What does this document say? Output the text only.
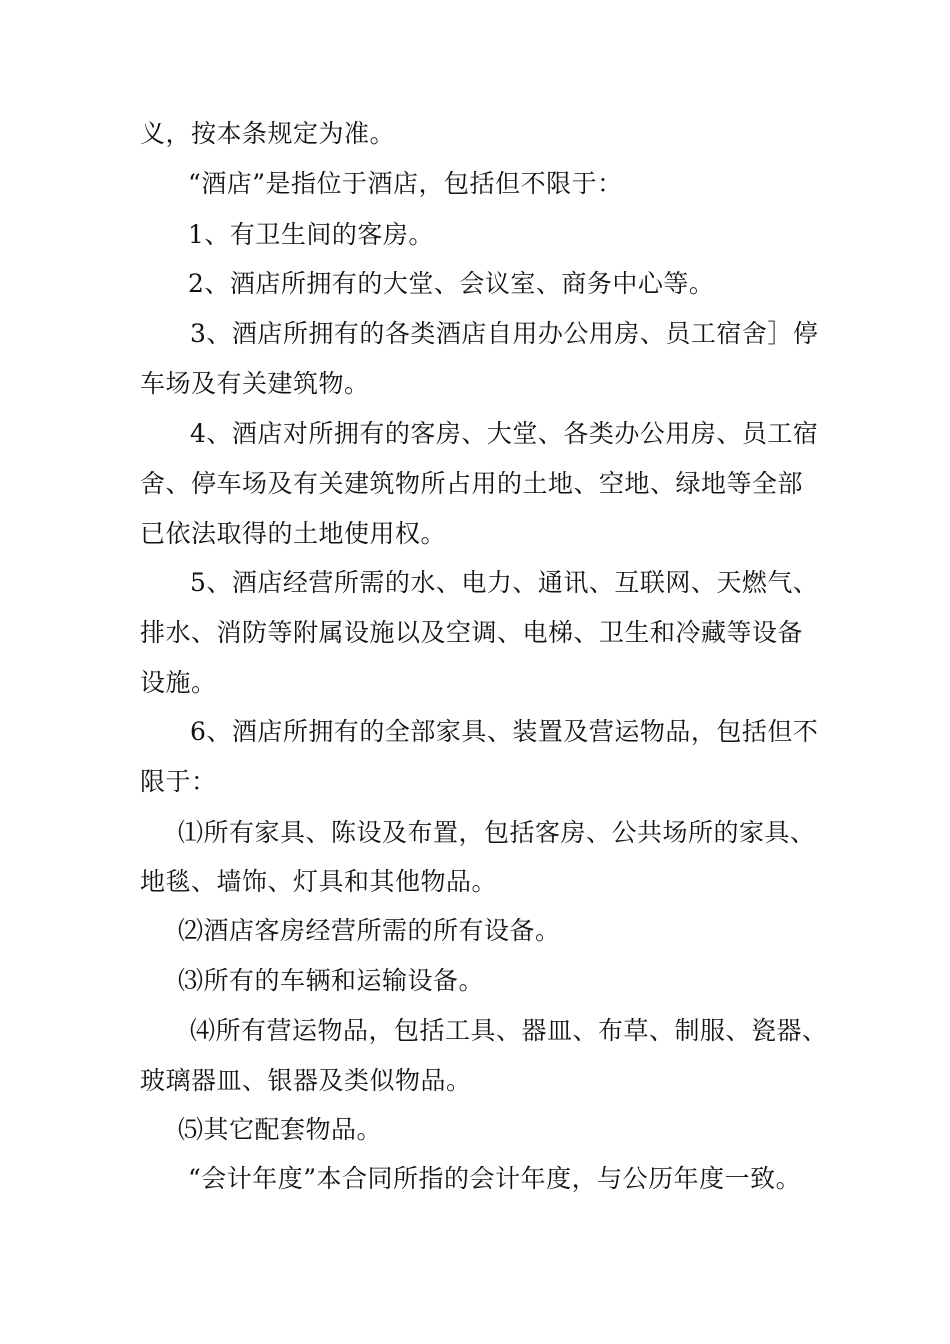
义，按本条规定为准。
“酒店”是指位于酒店，包括但不限于：
1、有卫生间的客房。
2、酒店所拥有的大堂、会议室、商务中心等。
3、酒店所拥有的各类酒店自用办公用房、员工宿舍］停
车场及有关建筑物。
4、酒店对所拥有的客房、大堂、各类办公用房、员工宿
舍、停车场及有关建筑物所占用的土地、空地、绿地等全部
已依法取得的土地使用权。
5、酒店经营所需的水、电力、通讯、互联网、天燃气、
排水、消防等附属设施以及空调、电梯、卫生和冷藏等设备
设施。
6、酒店所拥有的全部家具、装置及营运物品，包括但不
限于：
⑴所有家具、陈设及布置，包括客房、公共场所的家具、
地毯、墙饰、灯具和其他物品。
⑵酒店客房经营所需的所有设备。
⑶所有的车辆和运输设备。
⑷所有营运物品，包括工具、器皿、布草、制服、瓷器、
玻璃器皿、银器及类似物品。
⑸其它配套物品。
“会计年度”本合同所指的会计年度，与公历年度一致。
